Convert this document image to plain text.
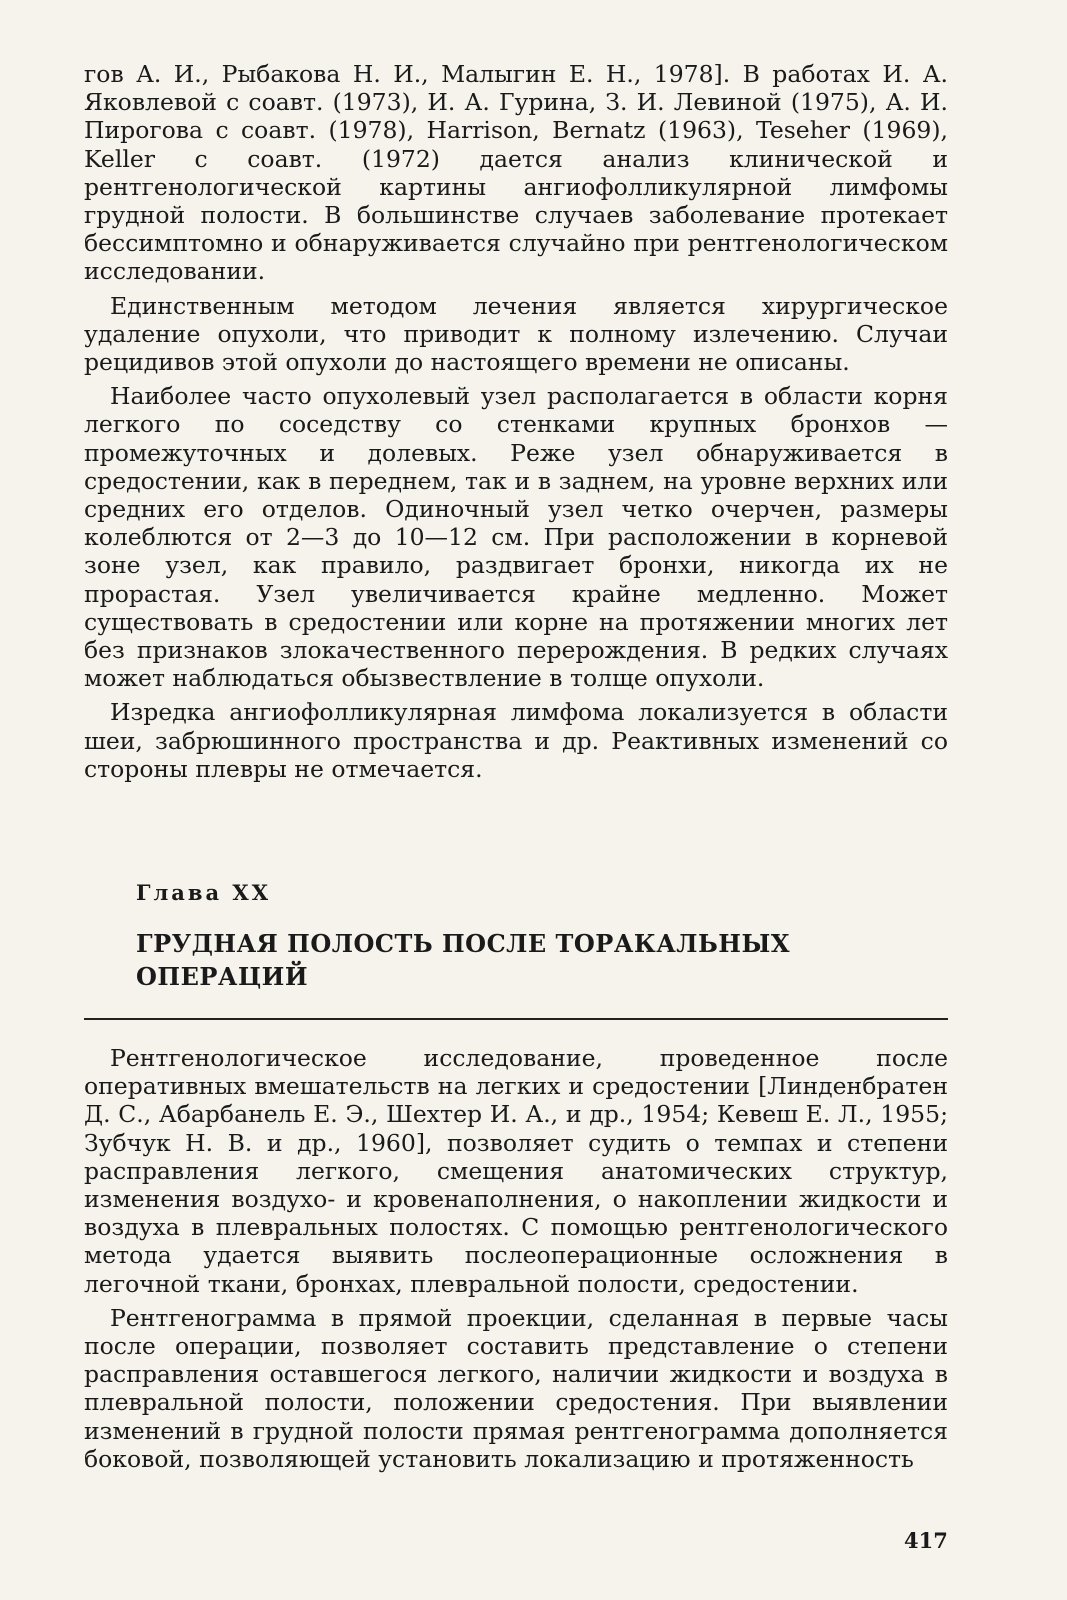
гов А. И., Рыбакова Н. И., Малыгин Е. Н., 1978]. В работах И. А. Яковлевой с соавт. (1973), И. А. Гурина, З. И. Левиной (1975), А. И. Пирогова с соавт. (1978), Harrison, Bernatz (1963), Teseher (1969), Keller с соавт. (1972) дается анализ клинической и рентгенологической картины ангиофолликулярной лимфомы грудной полости. В большинстве случаев заболевание протекает бессимптомно и обнаруживается случайно при рентгенологическом исследовании.

Единственным методом лечения является хирургическое удаление опухоли, что приводит к полному излечению. Случаи рецидивов этой опухоли до настоящего времени не описаны.

Наиболее часто опухолевый узел располагается в области корня легкого по соседству со стенками крупных бронхов — промежуточных и долевых. Реже узел обнаруживается в средостении, как в переднем, так и в заднем, на уровне верхних или средних его отделов. Одиночный узел четко очерчен, размеры колеблются от 2—3 до 10—12 см. При расположении в корневой зоне узел, как правило, раздвигает бронхи, никогда их не прорастая. Узел увеличивается крайне медленно. Может существовать в средостении или корне на протяжении многих лет без признаков злокачественного перерождения. В редких случаях может наблюдаться обызвествление в толще опухоли.

Изредка ангиофолликулярная лимфома локализуется в области шеи, забрюшинного пространства и др. Реактивных изменений со стороны плевры не отмечается.

Глава XX
ГРУДНАЯ ПОЛОСТЬ ПОСЛЕ ТОРАКАЛЬНЫХ
ОПЕРАЦИЙ

Рентгенологическое исследование, проведенное после оперативных вмешательств на легких и средостении [Линденбратен Д. С., Абарбанель Е. Э., Шехтер И. А., и др., 1954; Кевеш Е. Л., 1955; Зубчук Н. В. и др., 1960], позволяет судить о темпах и степени расправления легкого, смещения анатомических структур, изменения воздухо- и кровенаполнения, о накоплении жидкости и воздуха в плевральных полостях. С помощью рентгенологического метода удается выявить послеоперационные осложнения в легочной ткани, бронхах, плевральной полости, средостении.

Рентгенограмма в прямой проекции, сделанная в первые часы после операции, позволяет составить представление о степени расправления оставшегося легкого, наличии жидкости и воздуха в плевральной полости, положении средостения. При выявлении изменений в грудной полости прямая рентгенограмма дополняется боковой, позволяющей установить локализацию и протяженность

417
